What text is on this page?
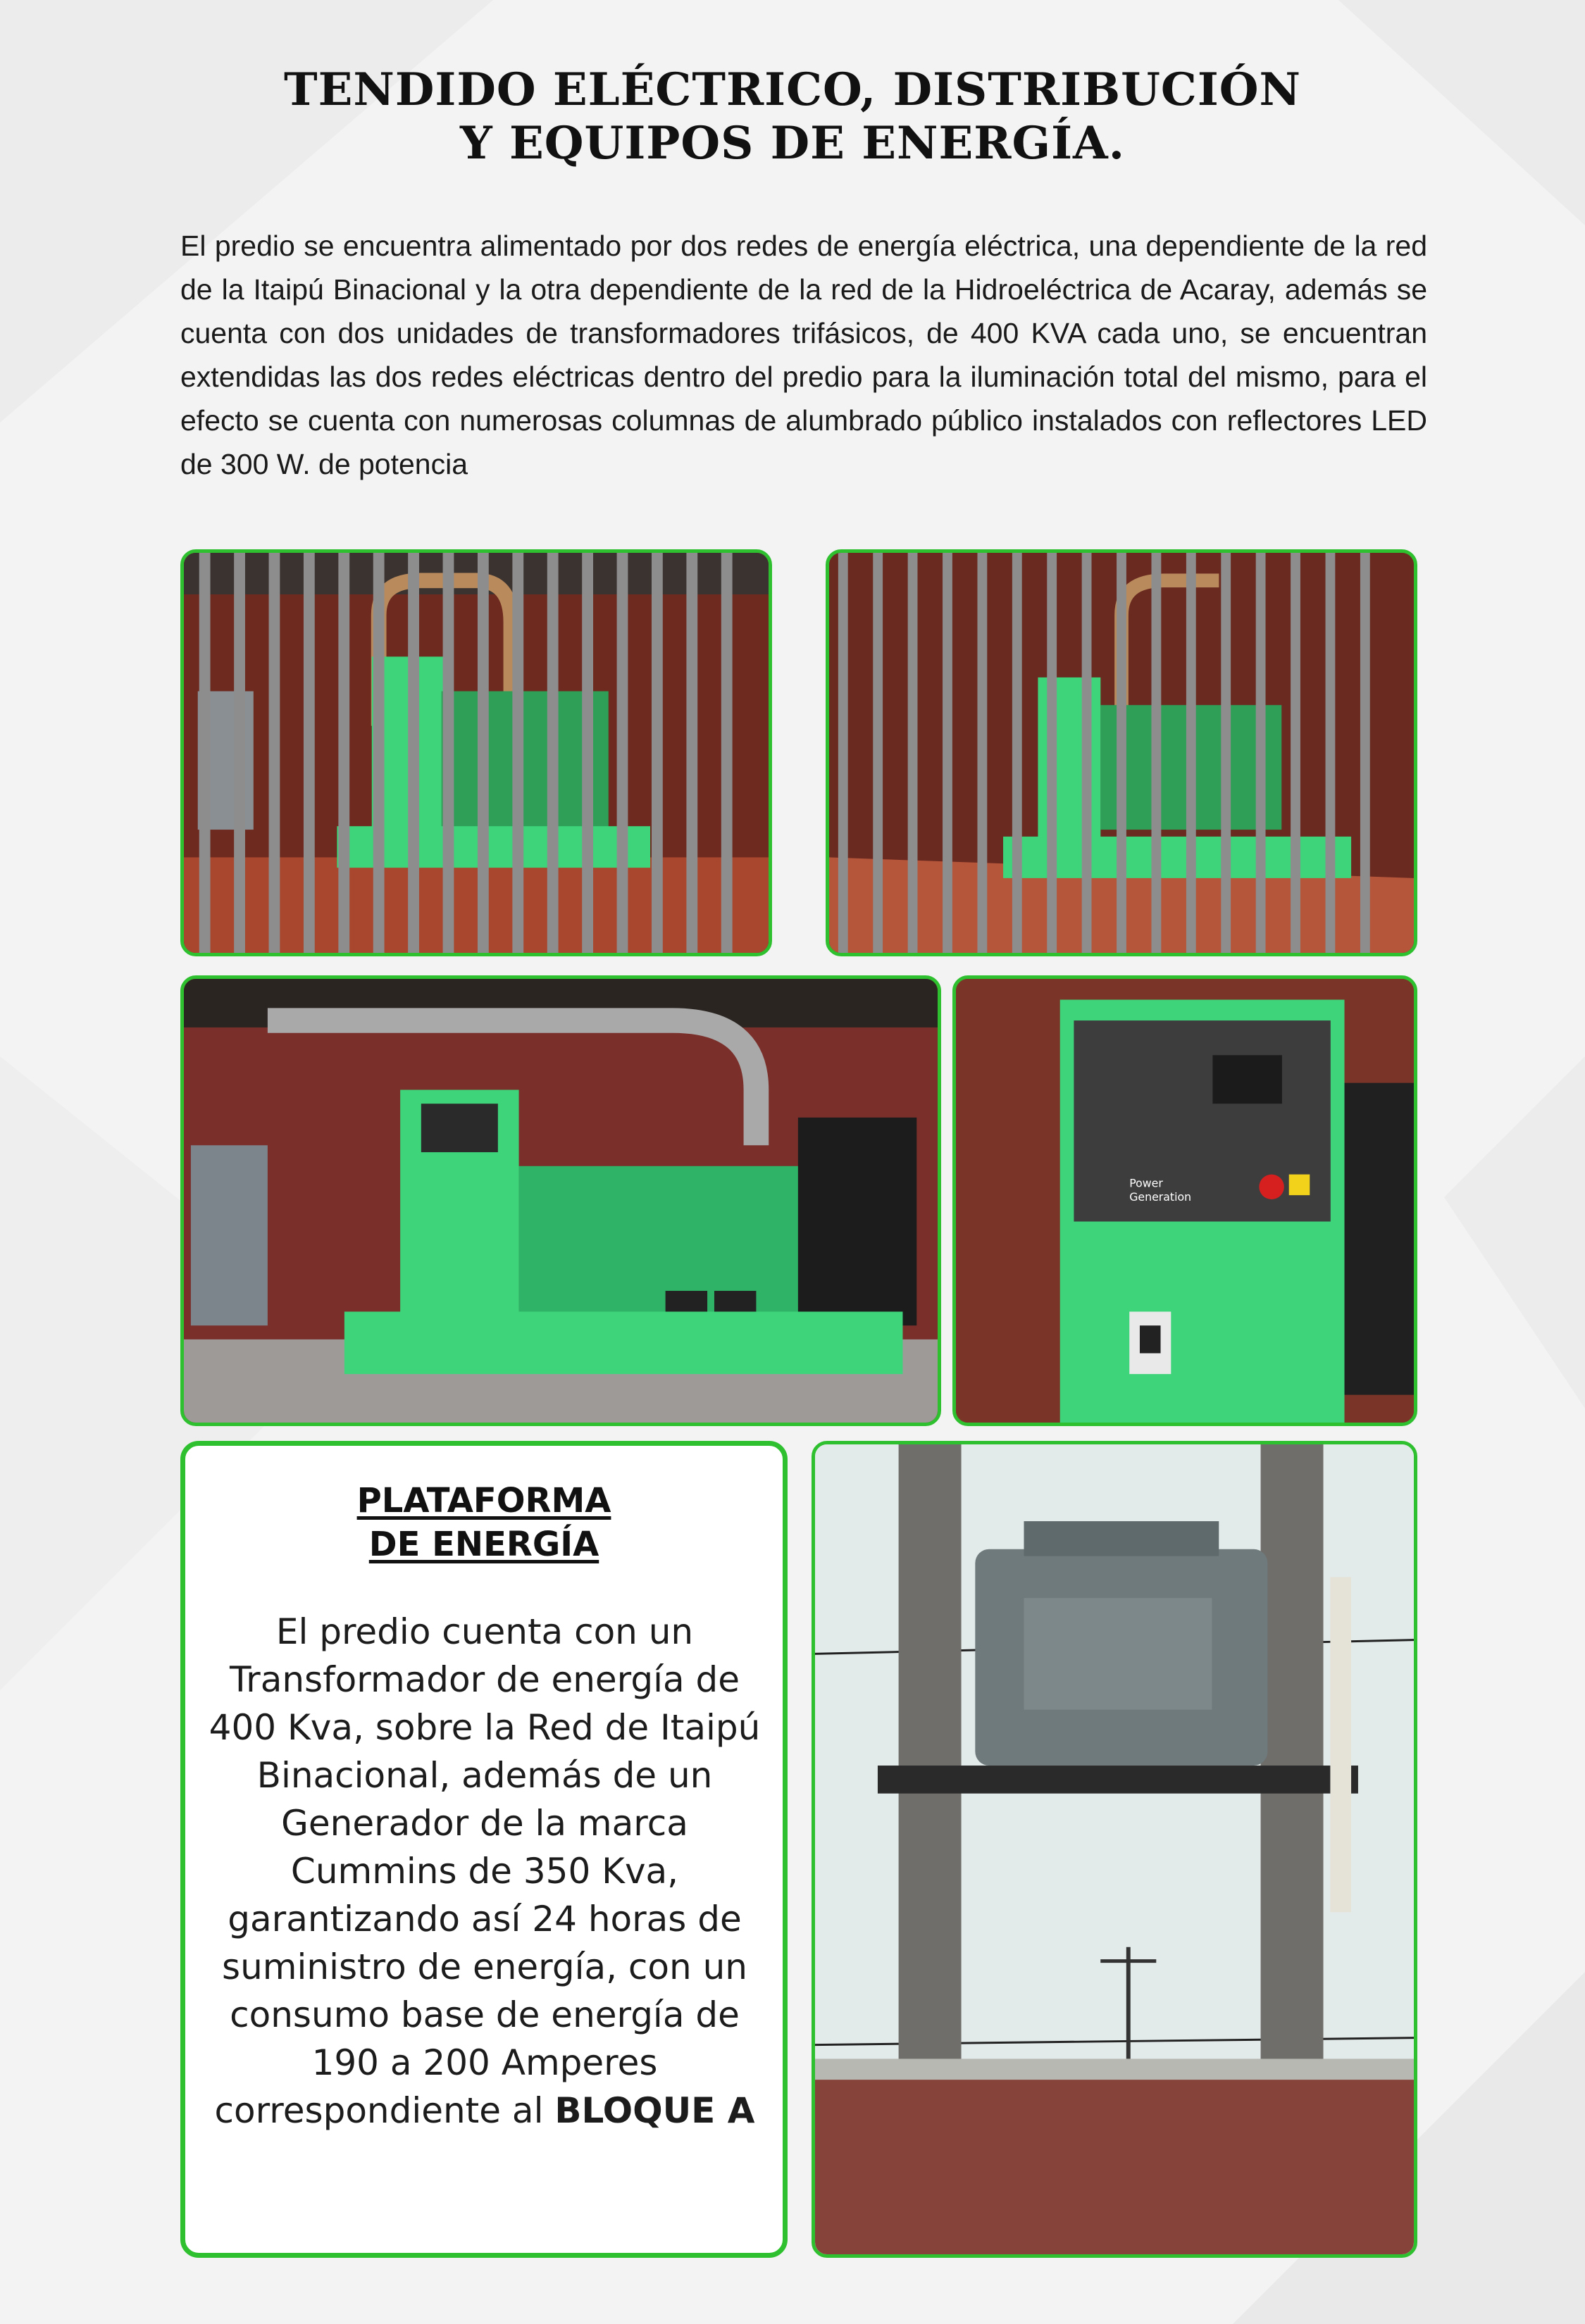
TENDIDO ELÉCTRICO, DISTRIBUCIÓN
Y EQUIPOS DE ENERGÍA.
El predio se encuentra alimentado por dos redes de energía eléctrica, una dependiente de la red de la Itaipú Binacional y la otra dependiente de la red de la Hidroeléctrica de Acaray, además se cuenta con dos unidades de transformadores trifásicos, de 400 KVA cada uno, se encuentran extendidas las dos redes eléctricas dentro del predio para la iluminación total del mismo, para el efecto se cuenta con numerosas columnas de alumbrado público instalados con reflectores LED de 300 W. de potencia
Power
Generation
PLATAFORMA
DE ENERGÍA
El predio cuenta con un Transformador de energía de 400 Kva, sobre la Red de Itaipú Binacional, además de un Generador de la marca Cummins de 350 Kva, garantizando así 24 horas de suministro de energía, con un consumo base de energía de 190 a 200 Amperes correspondiente al BLOQUE A
